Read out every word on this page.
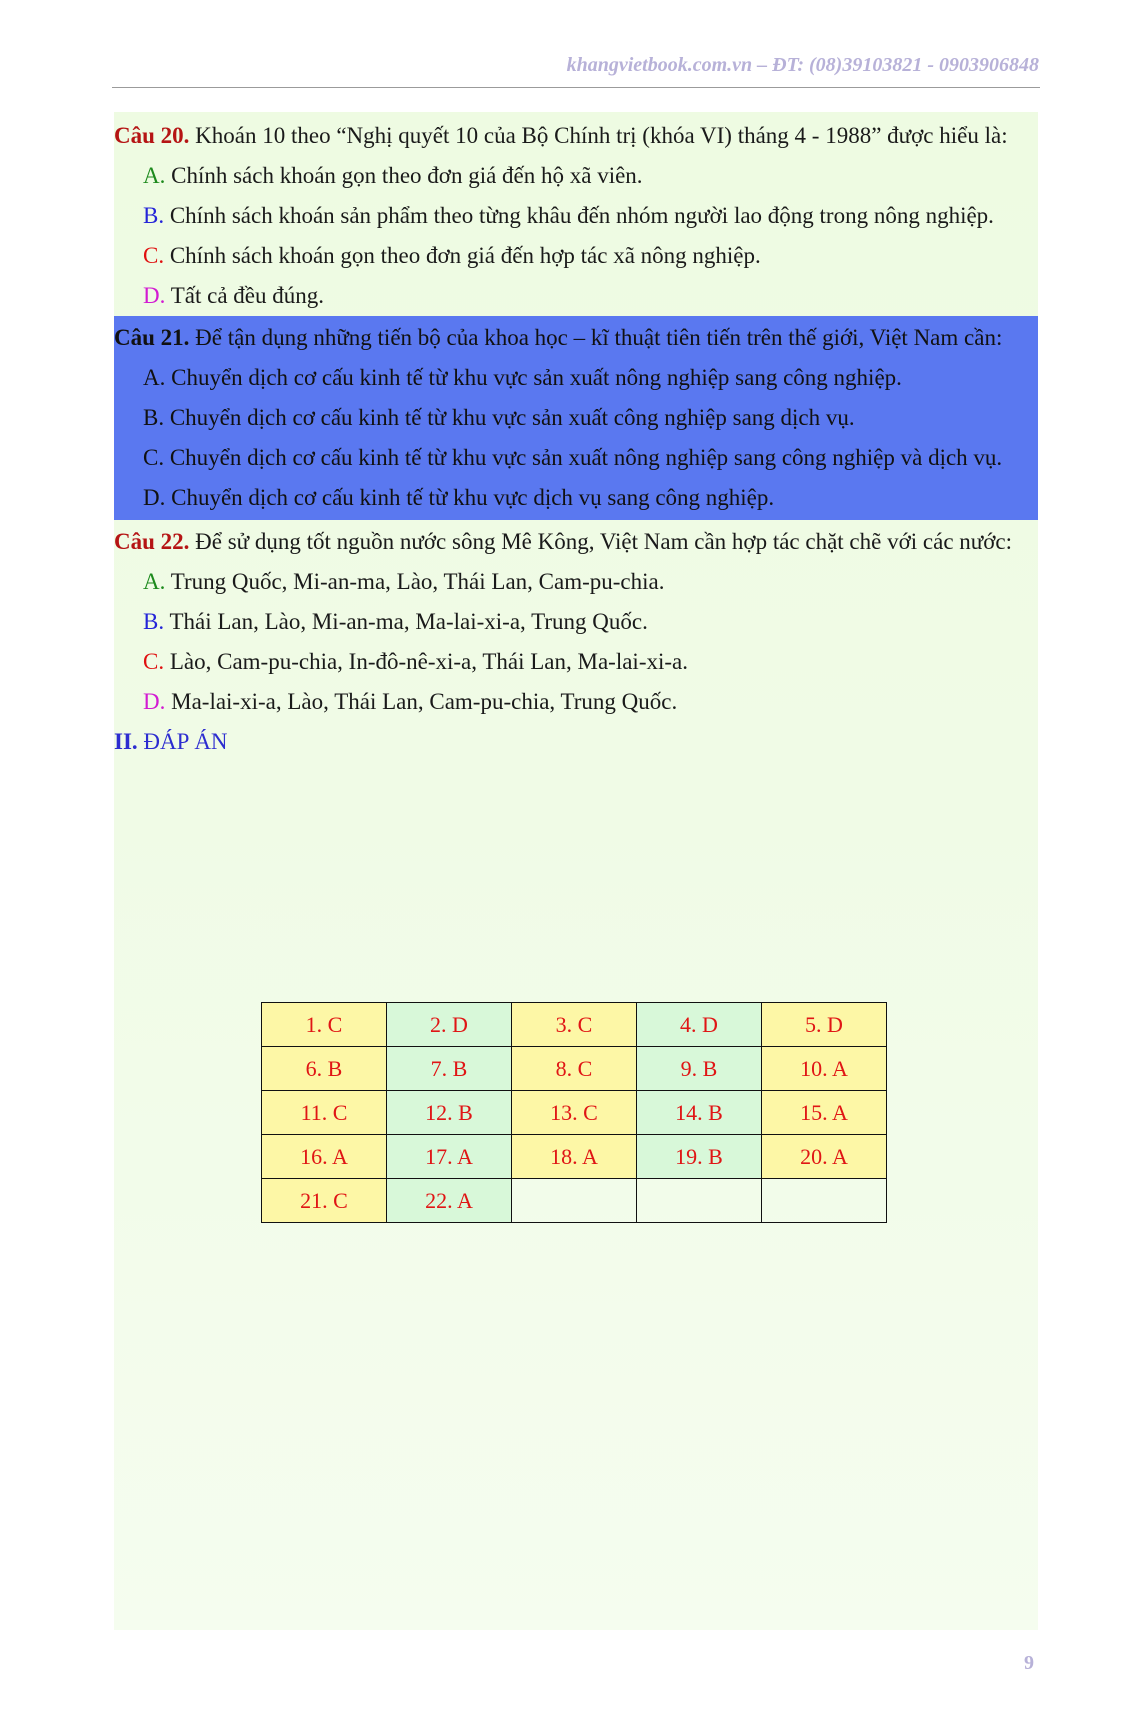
khangvietbook.com.vn – ĐT: (08)39103821 - 0903906848
Câu 20. Khoán 10 theo “Nghị quyết 10 của Bộ Chính trị (khóa VI) tháng 4 - 1988” được hiểu là:
A. Chính sách khoán gọn theo đơn giá đến hộ xã viên.
B. Chính sách khoán sản phẩm theo từng khâu đến nhóm người lao động trong nông nghiệp.
C. Chính sách khoán gọn theo đơn giá đến hợp tác xã nông nghiệp.
D. Tất cả đều đúng.
Câu 21. Để tận dụng những tiến bộ của khoa học – kĩ thuật tiên tiến trên thế giới, Việt Nam cần:
A. Chuyển dịch cơ cấu kinh tế từ khu vực sản xuất nông nghiệp sang công nghiệp.
B. Chuyển dịch cơ cấu kinh tế từ khu vực sản xuất công nghiệp sang dịch vụ.
C. Chuyển dịch cơ cấu kinh tế từ khu vực sản xuất nông nghiệp sang công nghiệp và dịch vụ.
D. Chuyển dịch cơ cấu kinh tế từ khu vực dịch vụ sang công nghiệp.
Câu 22. Để sử dụng tốt nguồn nước sông Mê Kông, Việt Nam cần hợp tác chặt chẽ với các nước:
A. Trung Quốc, Mi-an-ma, Lào, Thái Lan, Cam-pu-chia.
B. Thái Lan, Lào, Mi-an-ma, Ma-lai-xi-a, Trung Quốc.
C. Lào, Cam-pu-chia, In-đô-nê-xi-a, Thái Lan, Ma-lai-xi-a.
D. Ma-lai-xi-a, Lào, Thái Lan, Cam-pu-chia, Trung Quốc.
II. ĐÁP ÁN
1. C	2. D	3. C	4. D	5. D
6. B	7. B	8. C	9. B	10. A
11. C	12. B	13. C	14. B	15. A
16. A	17. A	18. A	19. B	20. A
21. C	22. A			
9
